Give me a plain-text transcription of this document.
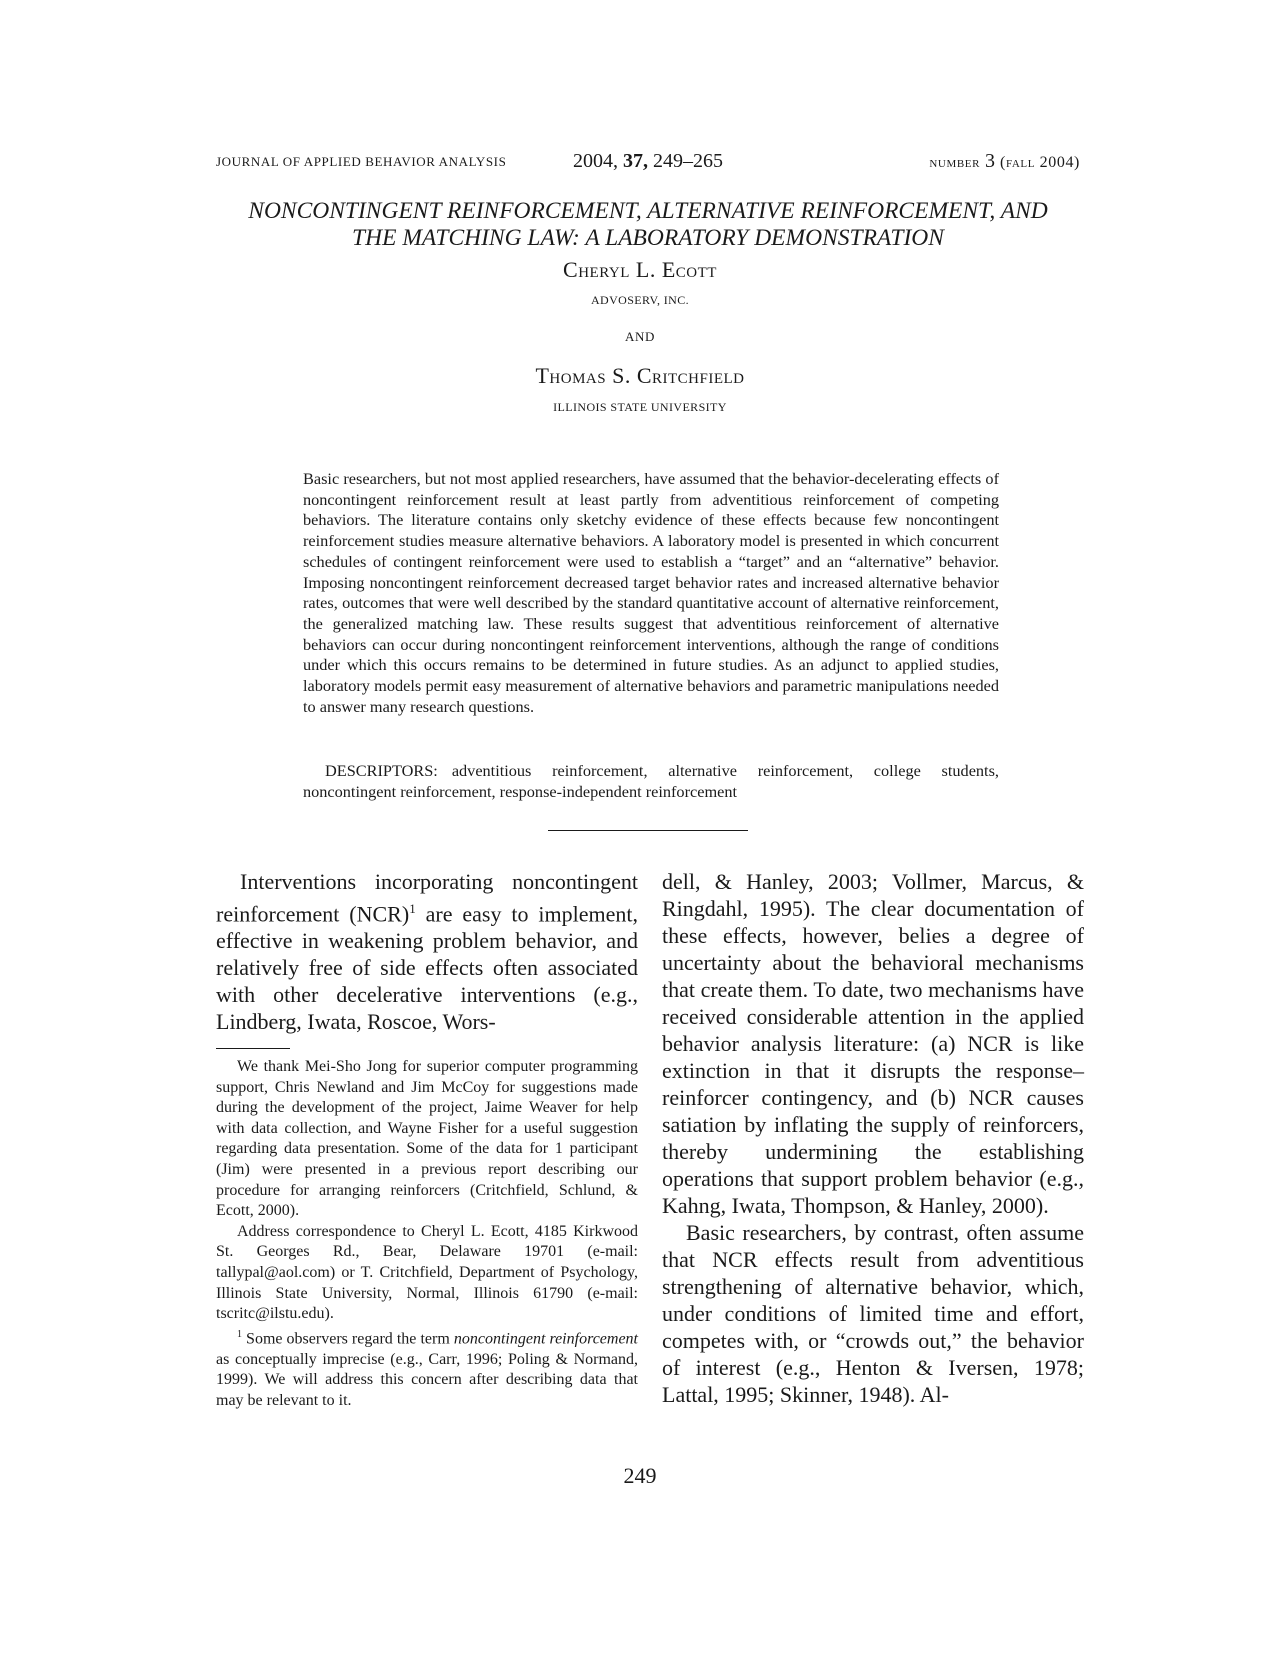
JOURNAL OF APPLIED BEHAVIOR ANALYSIS	2004, 37, 249–265	number 3 (fall 2004)
NONCONTINGENT REINFORCEMENT, ALTERNATIVE REINFORCEMENT, AND
THE MATCHING LAW: A LABORATORY DEMONSTRATION
Cheryl L. Ecott
ADVOSERV, INC.
AND
Thomas S. Critchfield
ILLINOIS STATE UNIVERSITY

Basic researchers, but not most applied researchers, have assumed that the behavior-decelerating effects of noncontingent reinforcement result at least partly from adventitious reinforcement of competing behaviors. The literature contains only sketchy evidence of these effects because few noncontingent reinforcement studies measure alternative behaviors. A laboratory model is presented in which concurrent schedules of contingent reinforcement were used to establish a “target” and an “alternative” behavior. Imposing noncontingent reinforcement decreased target behavior rates and increased alternative behavior rates, outcomes that were well described by the standard quantitative account of alternative reinforcement, the generalized matching law. These results suggest that adventitious reinforcement of alternative behaviors can occur during noncontingent reinforcement interventions, although the range of conditions under which this occurs remains to be determined in future studies. As an adjunct to applied studies, laboratory models permit easy measurement of alternative behaviors and parametric manipulations needed to answer many research questions.

DESCRIPTORS: adventitious reinforcement, alternative reinforcement, college students, noncontingent reinforcement, response-independent reinforcement

Interventions incorporating noncontingent reinforcement (NCR)$^1$ are easy to implement, effective in weakening problem behavior, and relatively free of side effects often associated with other decelerative interventions (e.g., Lindberg, Iwata, Roscoe, Wors-

We thank Mei-Sho Jong for superior computer programming support, Chris Newland and Jim McCoy for suggestions made during the development of the project, Jaime Weaver for help with data collection, and Wayne Fisher for a useful suggestion regarding data presentation. Some of the data for 1 participant (Jim) were presented in a previous report describing our procedure for arranging reinforcers (Critchfield, Schlund, & Ecott, 2000).

Address correspondence to Cheryl L. Ecott, 4185 Kirkwood St. Georges Rd., Bear, Delaware 19701 (e-mail: tallypal@aol.com) or T. Critchfield, Department of Psychology, Illinois State University, Normal, Illinois 61790 (e-mail: tscritc@ilstu.edu).

$^1$ Some observers regard the term noncontingent reinforcement as conceptually imprecise (e.g., Carr, 1996; Poling & Normand, 1999). We will address this concern after describing data that may be relevant to it.

dell, & Hanley, 2003; Vollmer, Marcus, & Ringdahl, 1995). The clear documentation of these effects, however, belies a degree of uncertainty about the behavioral mechanisms that create them. To date, two mechanisms have received considerable attention in the applied behavior analysis literature: (a) NCR is like extinction in that it disrupts the response–reinforcer contingency, and (b) NCR causes satiation by inflating the supply of reinforcers, thereby undermining the establishing operations that support problem behavior (e.g., Kahng, Iwata, Thompson, & Hanley, 2000).

Basic researchers, by contrast, often assume that NCR effects result from adventitious strengthening of alternative behavior, which, under conditions of limited time and effort, competes with, or “crowds out,” the behavior of interest (e.g., Henton & Iversen, 1978; Lattal, 1995; Skinner, 1948). Al-

249
